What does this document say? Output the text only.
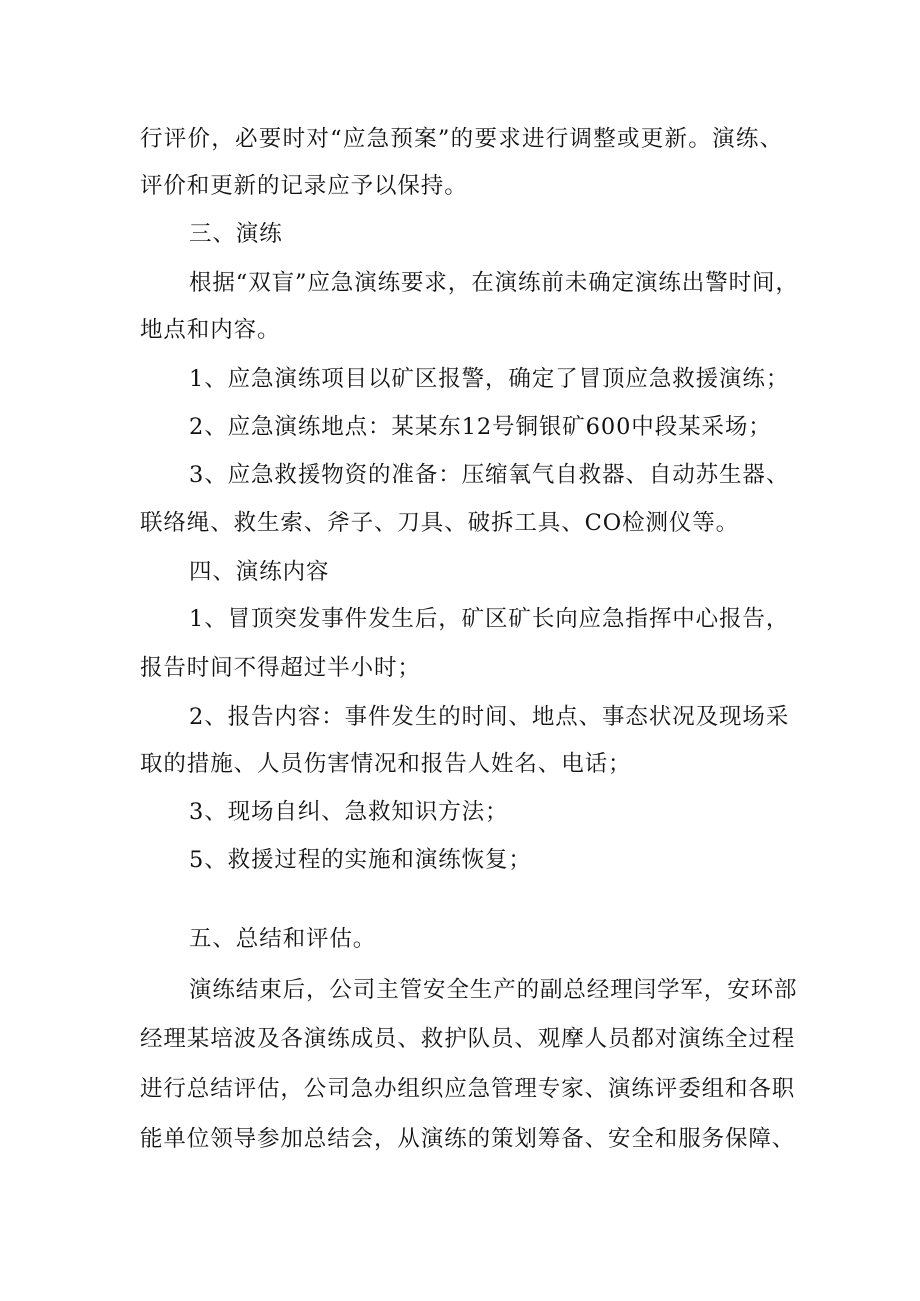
行评价，必要时对“应急预案”的要求进行调整或更新。演练、
评价和更新的记录应予以保持。
三、演练
根据“双盲”应急演练要求，在演练前未确定演练出警时间，
地点和内容。
1、应急演练项目以矿区报警，确定了冒顶应急救援演练；
2、应急演练地点：某某东12号铜银矿600中段某采场；
3、应急救援物资的准备：压缩氧气自救器、自动苏生器、
联络绳、救生索、斧子、刀具、破拆工具、CO检测仪等。
四、演练内容
1、冒顶突发事件发生后，矿区矿长向应急指挥中心报告，
报告时间不得超过半小时；
2、报告内容：事件发生的时间、地点、事态状况及现场采
取的措施、人员伤害情况和报告人姓名、电话；
3、现场自纠、急救知识方法；
5、救援过程的实施和演练恢复；
五、总结和评估。
演练结束后，公司主管安全生产的副总经理闫学军，安环部
经理某培波及各演练成员、救护队员、观摩人员都对演练全过程
进行总结评估，公司急办组织应急管理专家、演练评委组和各职
能单位领导参加总结会，从演练的策划筹备、安全和服务保障、
